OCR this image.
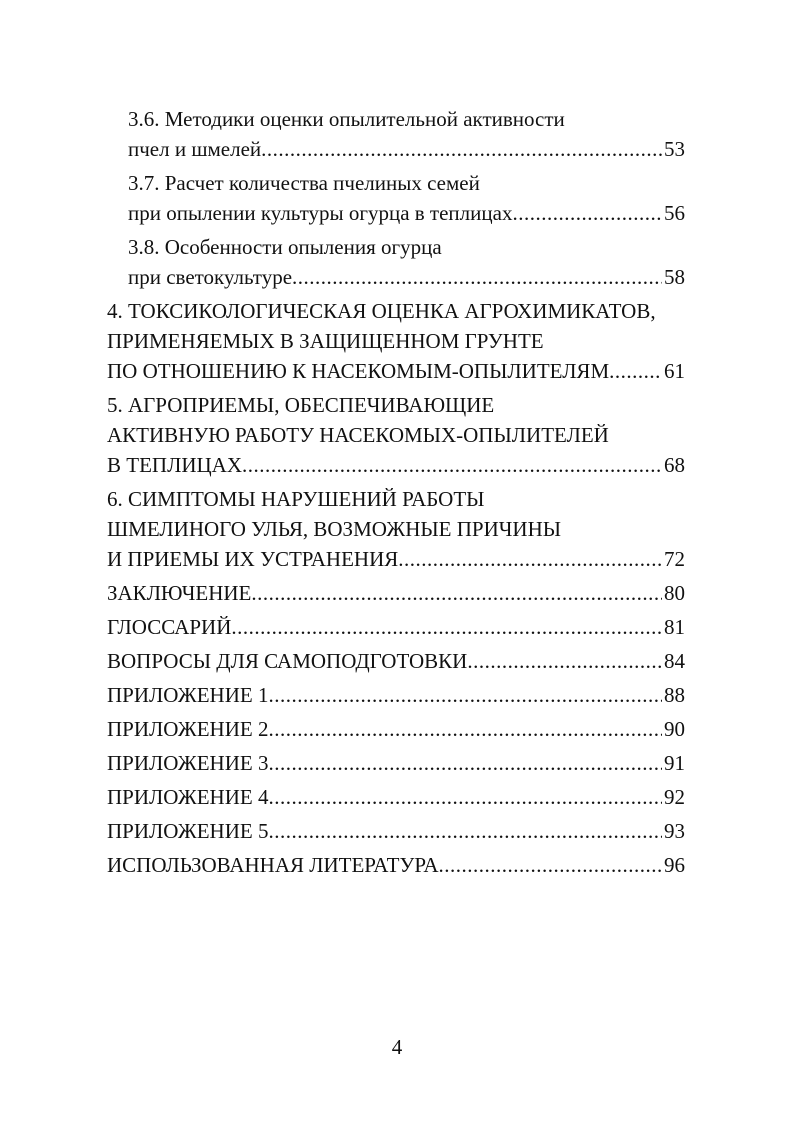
3.6. Методики оценки опылительной активности
пчел и шмелей .....	53
3.7. Расчет количества пчелиных семей
при опылении культуры огурца в теплицах .....	56
3.8. Особенности опыления огурца
при светокультуре .....	58
4. ТОКСИКОЛОГИЧЕСКАЯ ОЦЕНКА АГРОХИМИКАТОВ,
ПРИМЕНЯЕМЫХ В ЗАЩИЩЕННОМ ГРУНТЕ
ПО ОТНОШЕНИЮ К НАСЕКОМЫМ-ОПЫЛИТЕЛЯМ .....	61
5. АГРОПРИЕМЫ, ОБЕСПЕЧИВАЮЩИЕ
АКТИВНУЮ РАБОТУ НАСЕКОМЫХ-ОПЫЛИТЕЛЕЙ
В ТЕПЛИЦАХ .....	68
6. СИМПТОМЫ НАРУШЕНИЙ РАБОТЫ
ШМЕЛИНОГО УЛЬЯ, ВОЗМОЖНЫЕ ПРИЧИНЫ
И ПРИЕМЫ ИХ УСТРАНЕНИЯ .....	72
ЗАКЛЮЧЕНИЕ .....	80
ГЛОССАРИЙ .....	81
ВОПРОСЫ ДЛЯ САМОПОДГОТОВКИ .....	84
ПРИЛОЖЕНИЕ 1 .....	88
ПРИЛОЖЕНИЕ 2 .....	90
ПРИЛОЖЕНИЕ 3 .....	91
ПРИЛОЖЕНИЕ 4 .....	92
ПРИЛОЖЕНИЕ 5 .....	93
ИСПОЛЬЗОВАННАЯ ЛИТЕРАТУРА .....	96
4
